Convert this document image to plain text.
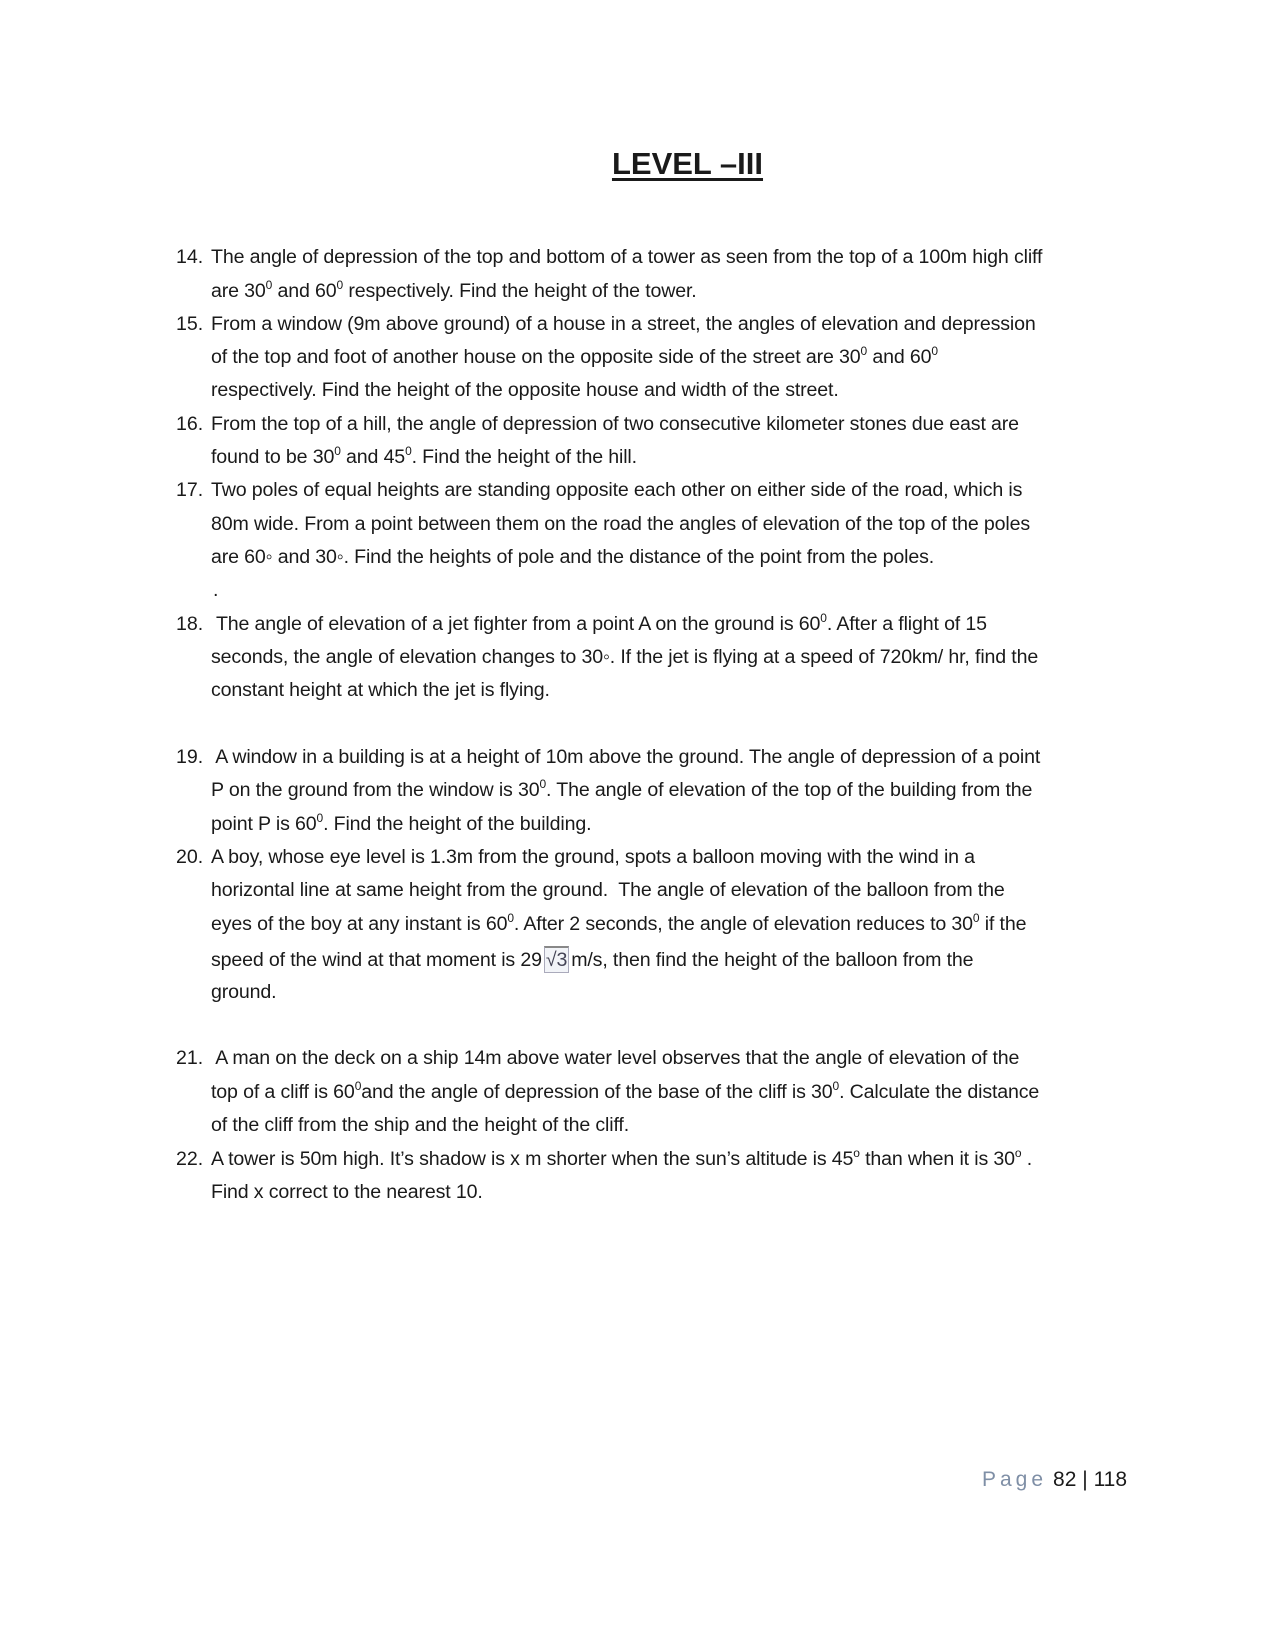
LEVEL –III
14. The angle of depression of the top and bottom of a tower as seen from the top of a 100m high cliff
are $30^0$ and $60^0$ respectively. Find the height of the tower.
15. From a window (9m above ground) of a house in a street, the angles of elevation and depression
of the top and foot of another house on the opposite side of the street are $30^0$ and $60^0$
respectively. Find the height of the opposite house and width of the street.
16. From the top of a hill, the angle of depression of two consecutive kilometer stones due east are
found to be $30^0$ and $45^0$. Find the height of the hill.
17. Two poles of equal heights are standing opposite each other on either side of the road, which is
80m wide. From a point between them on the road the angles of elevation of the top of the poles
are 60◦ and 30◦. Find the heights of pole and the distance of the point from the poles.
.
18. The angle of elevation of a jet fighter from a point A on the ground is $60^0$. After a flight of 15
seconds, the angle of elevation changes to 30◦. If the jet is flying at a speed of 720km/ hr, find the
constant height at which the jet is flying.
19. A window in a building is at a height of 10m above the ground. The angle of depression of a point
P on the ground from the window is $30^0$. The angle of elevation of the top of the building from the
point P is $60^0$. Find the height of the building.
20. A boy, whose eye level is 1.3m from the ground, spots a balloon moving with the wind in a
horizontal line at same height from the ground.  The angle of elevation of the balloon from the
eyes of the boy at any instant is $60^0$. After 2 seconds, the angle of elevation reduces to $30^0$ if the
speed of the wind at that moment is 29 √3 m/s, then find the height of the balloon from the
ground.
21. A man on the deck on a ship 14m above water level observes that the angle of elevation of the
top of a cliff is $60^0and$ the angle of depression of the base of the cliff is $30^0$. Calculate the distance
of the cliff from the ship and the height of the cliff.
22. A tower is 50m high. It’s shadow is x m shorter when the sun’s altitude is 45$^o$ than when it is 30$^o$ .
Find x correct to the nearest 10.
Page 82 | 118
